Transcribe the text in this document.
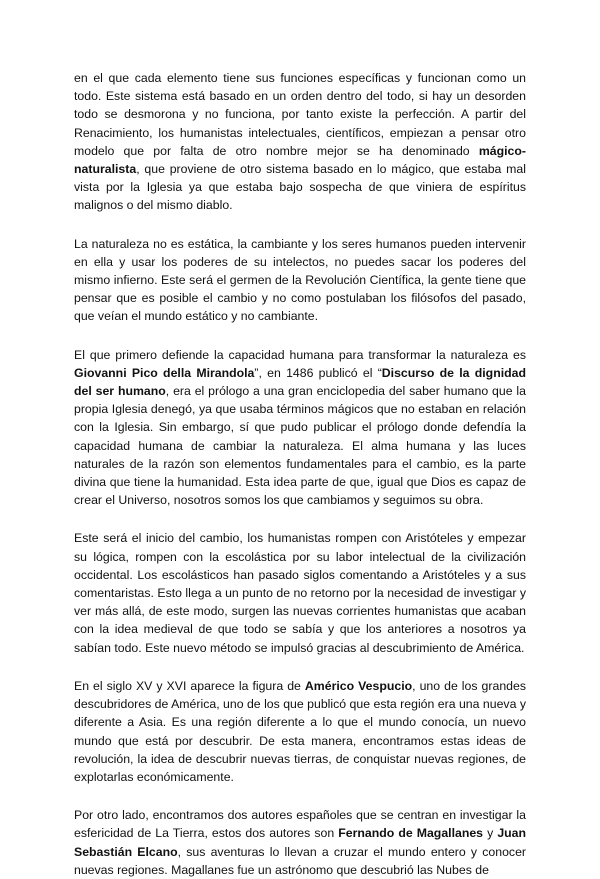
en el que cada elemento tiene sus funciones específicas y funcionan como un todo. Este sistema está basado en un orden dentro del todo, si hay un desorden todo se desmorona y no funciona, por tanto existe la perfección. A partir del Renacimiento, los humanistas intelectuales, científicos, empiezan a pensar otro modelo que por falta de otro nombre mejor se ha denominado mágico-naturalista, que proviene de otro sistema basado en lo mágico, que estaba mal vista por la Iglesia ya que estaba bajo sospecha de que viniera de espíritus malignos o del mismo diablo.

La naturaleza no es estática, la cambiante y los seres humanos pueden intervenir en ella y usar los poderes de su intelectos, no puedes sacar los poderes del mismo infierno. Este será el germen de la Revolución Científica, la gente tiene que pensar que es posible el cambio y no como postulaban los filósofos del pasado, que veían el mundo estático y no cambiante.

El que primero defiende la capacidad humana para transformar la naturaleza es Giovanni Pico della Mirandola”, en 1486 publicó el “Discurso de la dignidad del ser humano, era el prólogo a una gran enciclopedia del saber humano que la propia Iglesia denegó, ya que usaba términos mágicos que no estaban en relación con la Iglesia. Sin embargo, sí que pudo publicar el prólogo donde defendía la capacidad humana de cambiar la naturaleza. El alma humana y las luces naturales de la razón son elementos fundamentales para el cambio, es la parte divina que tiene la humanidad. Esta idea parte de que, igual que Dios es capaz de crear el Universo, nosotros somos los que cambiamos y seguimos su obra.

Este será el inicio del cambio, los humanistas rompen con Aristóteles y empezar su lógica, rompen con la escolástica por su labor intelectual de la civilización occidental. Los escolásticos han pasado siglos comentando a Aristóteles y a sus comentaristas. Esto llega a un punto de no retorno por la necesidad de investigar y ver más allá, de este modo, surgen las nuevas corrientes humanistas que acaban con la idea medieval de que todo se sabía y que los anteriores a nosotros ya sabían todo. Este nuevo método se impulsó gracias al descubrimiento de América.

En el siglo XV y XVI aparece la figura de Américo Vespucio, uno de los grandes descubridores de América, uno de los que publicó que esta región era una nueva y diferente a Asia. Es una región diferente a lo que el mundo conocía, un nuevo mundo que está por descubrir. De esta manera, encontramos estas ideas de revolución, la idea de descubrir nuevas tierras, de conquistar nuevas regiones, de explotarlas económicamente.

Por otro lado, encontramos dos autores españoles que se centran en investigar la esfericidad de La Tierra, estos dos autores son Fernando de Magallanes y Juan Sebastián Elcano, sus aventuras lo llevan a cruzar el mundo entero y conocer nuevas regiones. Magallanes fue un astrónomo que descubrió las Nubes de
